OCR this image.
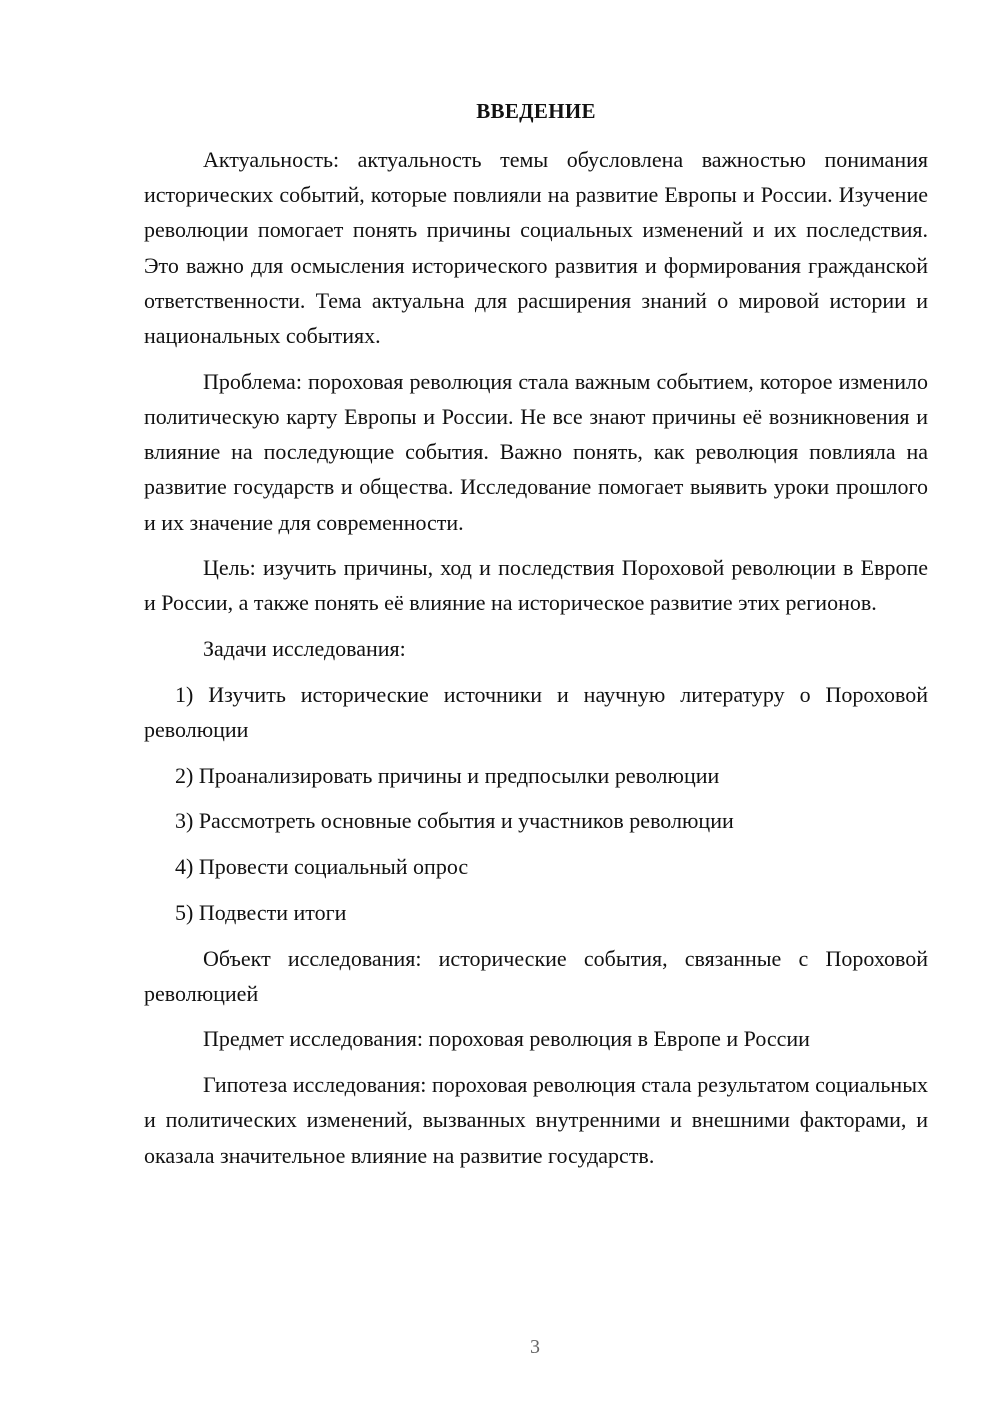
ВВЕДЕНИЕ

Актуальность: актуальность темы обусловлена важностью понимания исторических событий, которые повлияли на развитие Европы и России. Изучение революции помогает понять причины социальных изменений и их последствия. Это важно для осмысления исторического развития и формирования гражданской ответственности. Тема актуальна для расширения знаний о мировой истории и национальных событиях.

Проблема: пороховая революция стала важным событием, которое изменило политическую карту Европы и России. Не все знают причины её возникновения и влияние на последующие события. Важно понять, как революция повлияла на развитие государств и общества. Исследование помогает выявить уроки прошлого и их значение для современности.

Цель: изучить причины, ход и последствия Пороховой революции в Европе и России, а также понять её влияние на историческое развитие этих регионов.

Задачи исследования:

1) Изучить исторические источники и научную литературу о Пороховой революции

2) Проанализировать причины и предпосылки революции

3) Рассмотреть основные события и участников революции

4) Провести социальный опрос

5) Подвести итоги

Объект исследования: исторические события, связанные с Пороховой революцией

Предмет исследования: пороховая революция в Европе и России

Гипотеза исследования: пороховая революция стала результатом социальных и политических изменений, вызванных внутренними и внешними факторами, и оказала значительное влияние на развитие государств.

3
